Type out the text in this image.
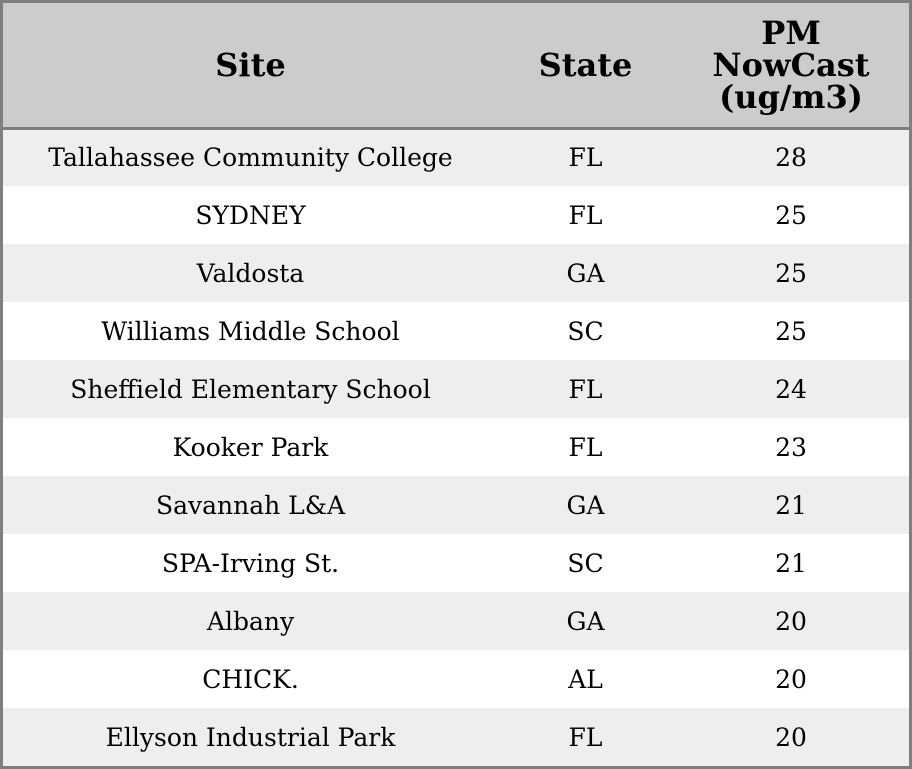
Site	State	PM
NowCast
(ug/m3)
Tallahassee Community College	FL	28
SYDNEY	FL	25
Valdosta	GA	25
Williams Middle School	SC	25
Sheffield Elementary School	FL	24
Kooker Park	FL	23
Savannah L&A	GA	21
SPA-Irving St.	SC	21
Albany	GA	20
CHICK.	AL	20
Ellyson Industrial Park	FL	20
